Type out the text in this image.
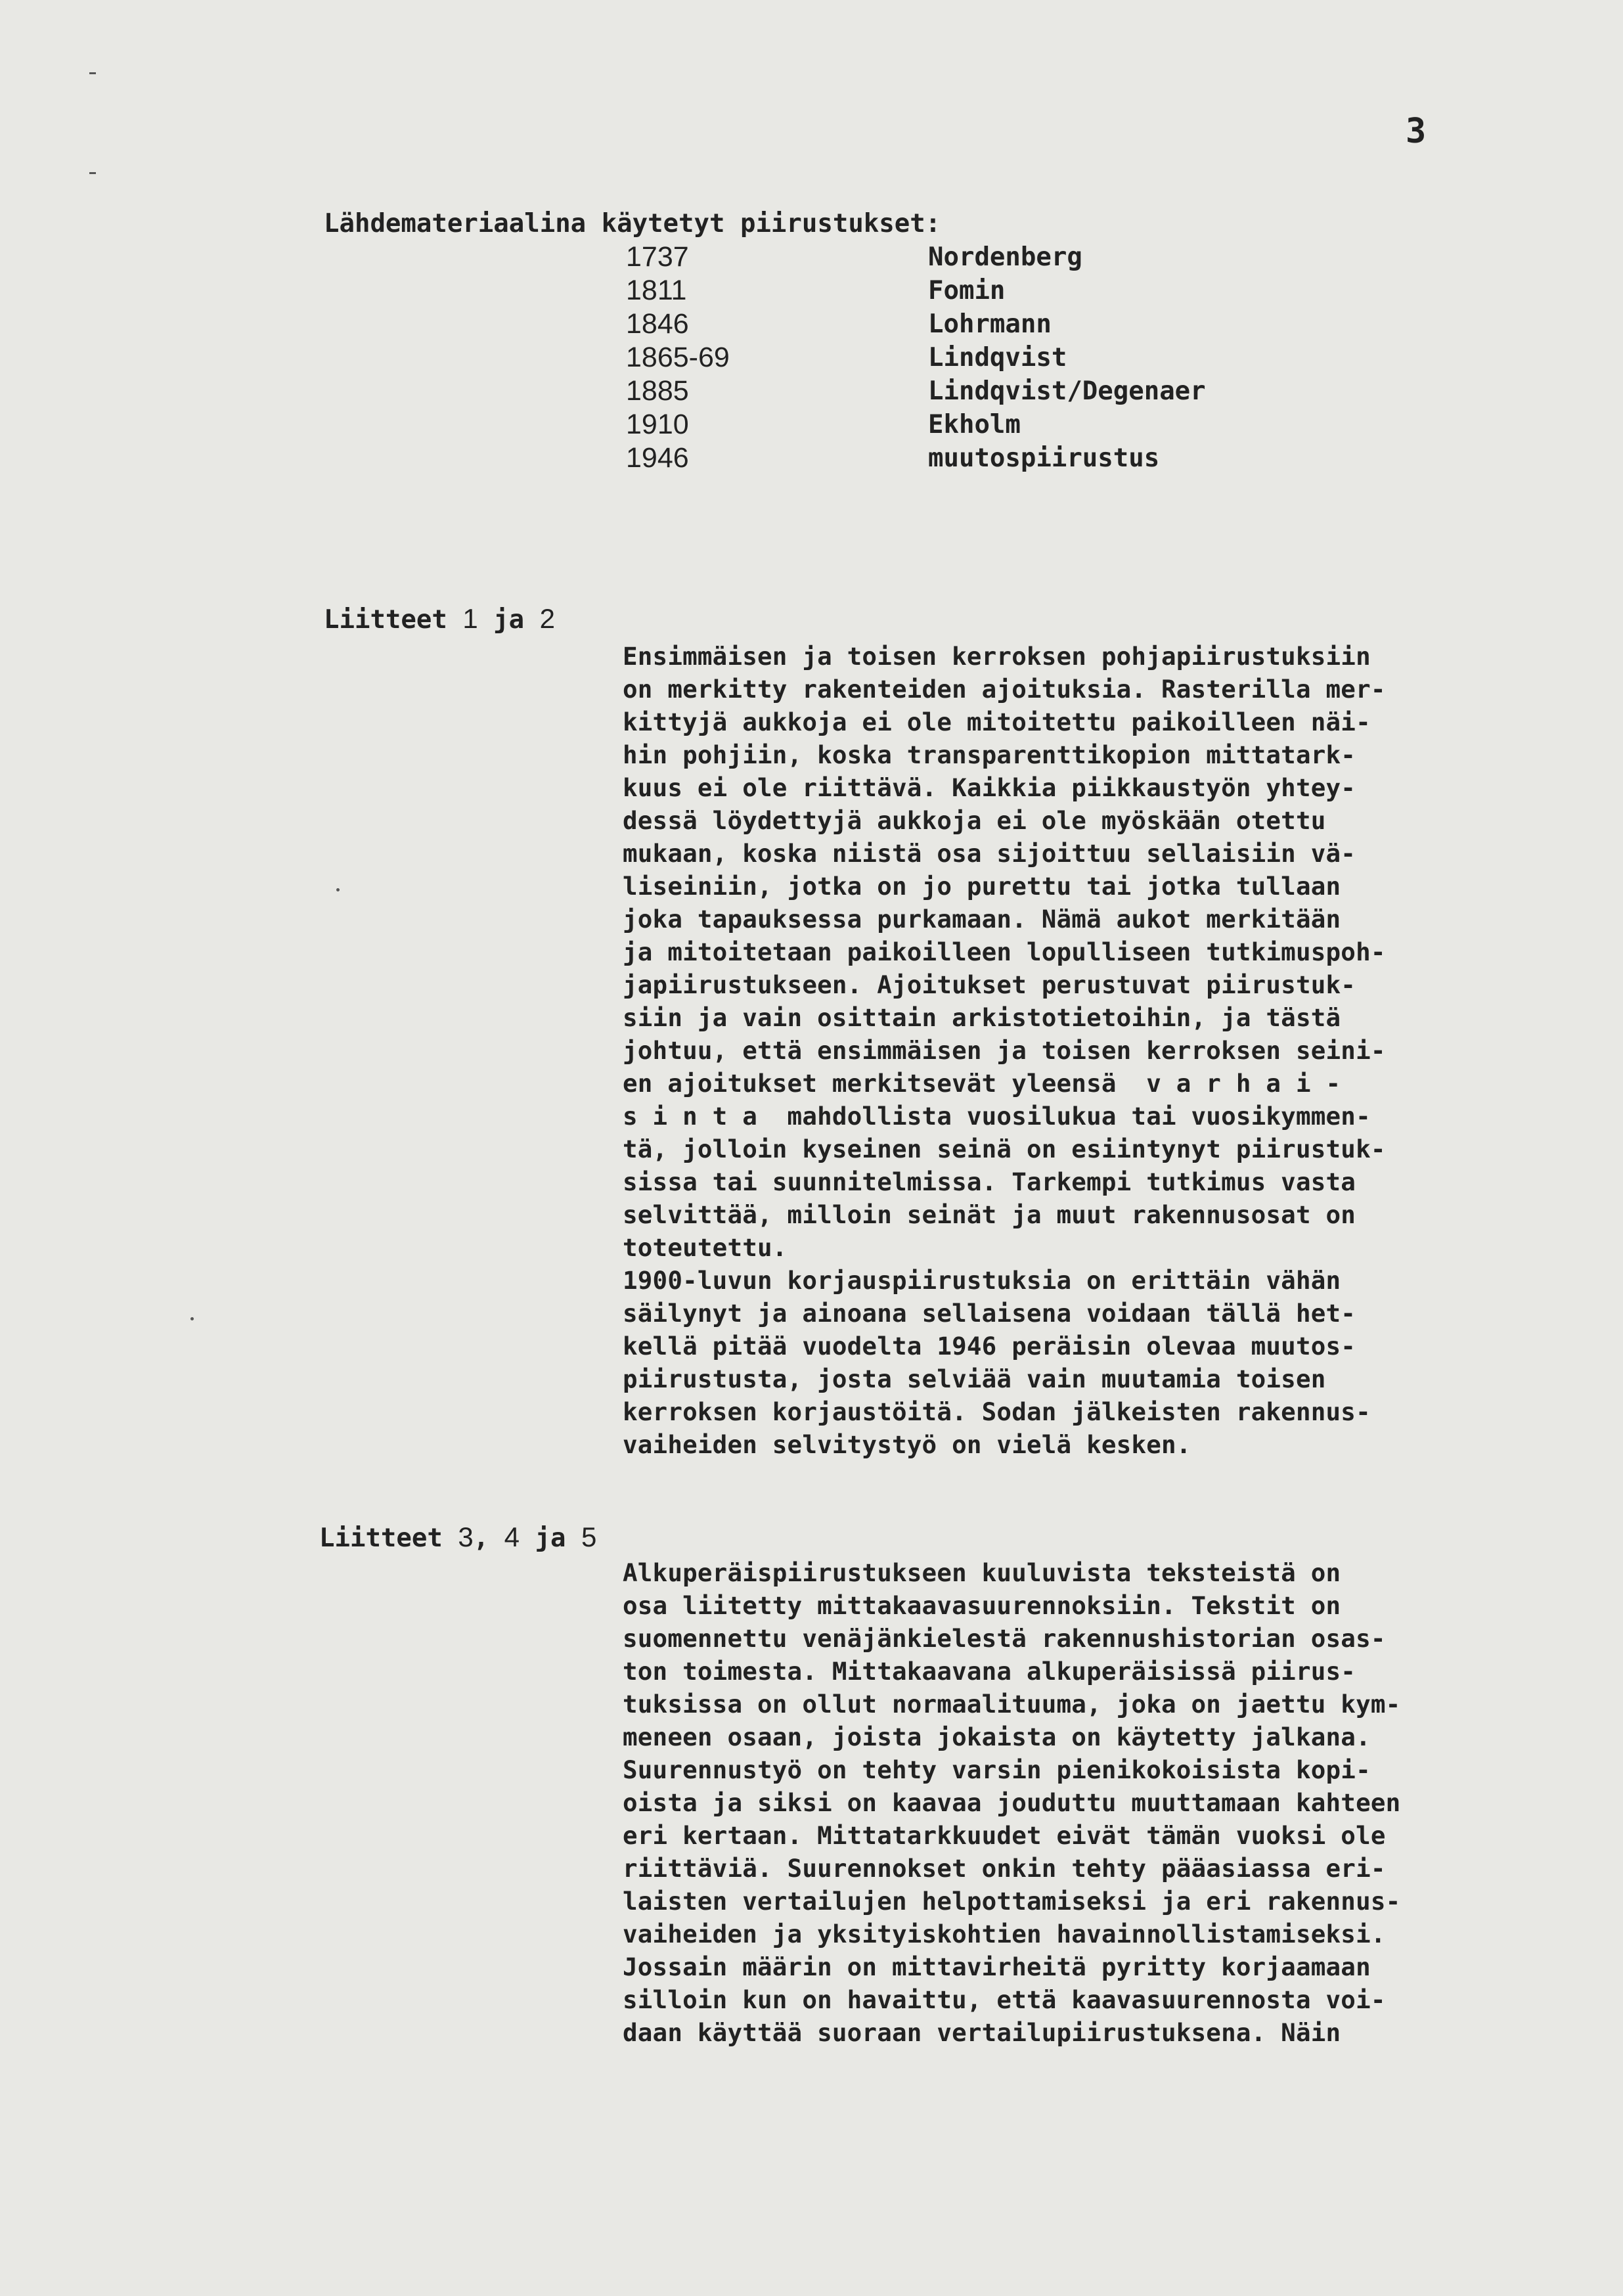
3
Lähdemateriaalina käytetyt piirustukset:
1737	Nordenberg
1811	Fomin
1846	Lohrmann
1865-69	Lindqvist
1885	Lindqvist/Degenaer
1910	Ekholm
1946	muutospiirustus
Liitteet 1 ja 2
Ensimmäisen ja toisen kerroksen pohjapiirustuksiin
on merkitty rakenteiden ajoituksia. Rasterilla mer-
kittyjä aukkoja ei ole mitoitettu paikoilleen näi-
hin pohjiin, koska transparenttikopion mittatark-
kuus ei ole riittävä. Kaikkia piikkaustyön yhtey-
dessä löydettyjä aukkoja ei ole myöskään otettu
mukaan, koska niistä osa sijoittuu sellaisiin vä-
liseiniin, jotka on jo purettu tai jotka tullaan
joka tapauksessa purkamaan. Nämä aukot merkitään
ja mitoitetaan paikoilleen lopulliseen tutkimuspoh-
japiirustukseen. Ajoitukset perustuvat piirustuk-
siin ja vain osittain arkistotietoihin, ja tästä
johtuu, että ensimmäisen ja toisen kerroksen seini-
en ajoitukset merkitsevät yleensä  v a r h a i -
s i n t a  mahdollista vuosilukua tai vuosikymmen-
tä, jolloin kyseinen seinä on esiintynyt piirustuk-
sissa tai suunnitelmissa. Tarkempi tutkimus vasta
selvittää, milloin seinät ja muut rakennusosat on
toteutettu.
1900-luvun korjauspiirustuksia on erittäin vähän
säilynyt ja ainoana sellaisena voidaan tällä het-
kellä pitää vuodelta 1946 peräisin olevaa muutos-
piirustusta, josta selviää vain muutamia toisen
kerroksen korjaustöitä. Sodan jälkeisten rakennus-
vaiheiden selvitystyö on vielä kesken.
Liitteet 3, 4 ja 5
Alkuperäispiirustukseen kuuluvista teksteistä on
osa liitetty mittakaavasuurennoksiin. Tekstit on
suomennettu venäjänkielestä rakennushistorian osas-
ton toimesta. Mittakaavana alkuperäisissä piirus-
tuksissa on ollut normaalituuma, joka on jaettu kym-
meneen osaan, joista jokaista on käytetty jalkana.
Suurennustyö on tehty varsin pienikokoisista kopi-
oista ja siksi on kaavaa jouduttu muuttamaan kahteen
eri kertaan. Mittatarkkuudet eivät tämän vuoksi ole
riittäviä. Suurennokset onkin tehty pääasiassa eri-
laisten vertailujen helpottamiseksi ja eri rakennus-
vaiheiden ja yksityiskohtien havainnollistamiseksi.
Jossain määrin on mittavirheitä pyritty korjaamaan
silloin kun on havaittu, että kaavasuurennosta voi-
daan käyttää suoraan vertailupiirustuksena. Näin
